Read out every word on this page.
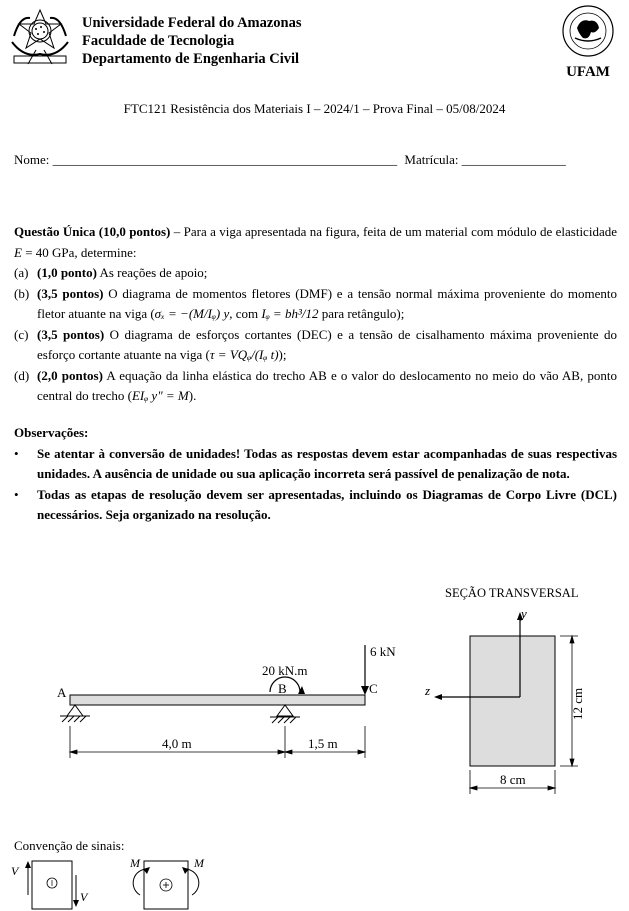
Universidade Federal do Amazonas
Faculdade de Tecnologia
Departamento de Engenharia Civil
UFAM
FTC121 Resistência dos Materiais I – 2024/1 – Prova Final – 05/08/2024
Nome: _____________________________________________________ Matrícula: ________________

Questão Única (10,0 pontos) – Para a viga apresentada na figura, feita de um material com módulo de elasticidade E = 40 GPa, determine:

(a) (1,0 ponto) As reações de apoio;

(b) (3,5 pontos) O diagrama de momentos fletores (DMF) e a tensão normal máxima proveniente do momento fletor atuante na viga (σₓ = −(M/Iᵩ) y, com Iᵩ = bh³/12 para retângulo);

(c) (3,5 pontos) O diagrama de esforços cortantes (DEC) e a tensão de cisalhamento máxima proveniente do esforço cortante atuante na viga (τ = VQᵩ/(Iᵩ t));

(d) (2,0 pontos) A equação da linha elástica do trecho AB e o valor do deslocamento no meio do vão AB, ponto central do trecho (EIᵩ y" = M).

Observações:
• Se atentar à conversão de unidades! Todas as respostas devem estar acompanhadas de suas respectivas unidades. A ausência de unidade ou sua aplicação incorreta será passível de penalização de nota.
• Todas as etapas de resolução devem ser apresentadas, incluindo os Diagramas de Corpo Livre (DCL) necessários. Seja organizado na resolução.
A	B	C
20 kN.m
6 kN
4,0 m	1,5 m
SEÇÃO TRANSVERSAL
y
z	12 cm
8 cm
Convenção de sinais:
V
V
M	M
